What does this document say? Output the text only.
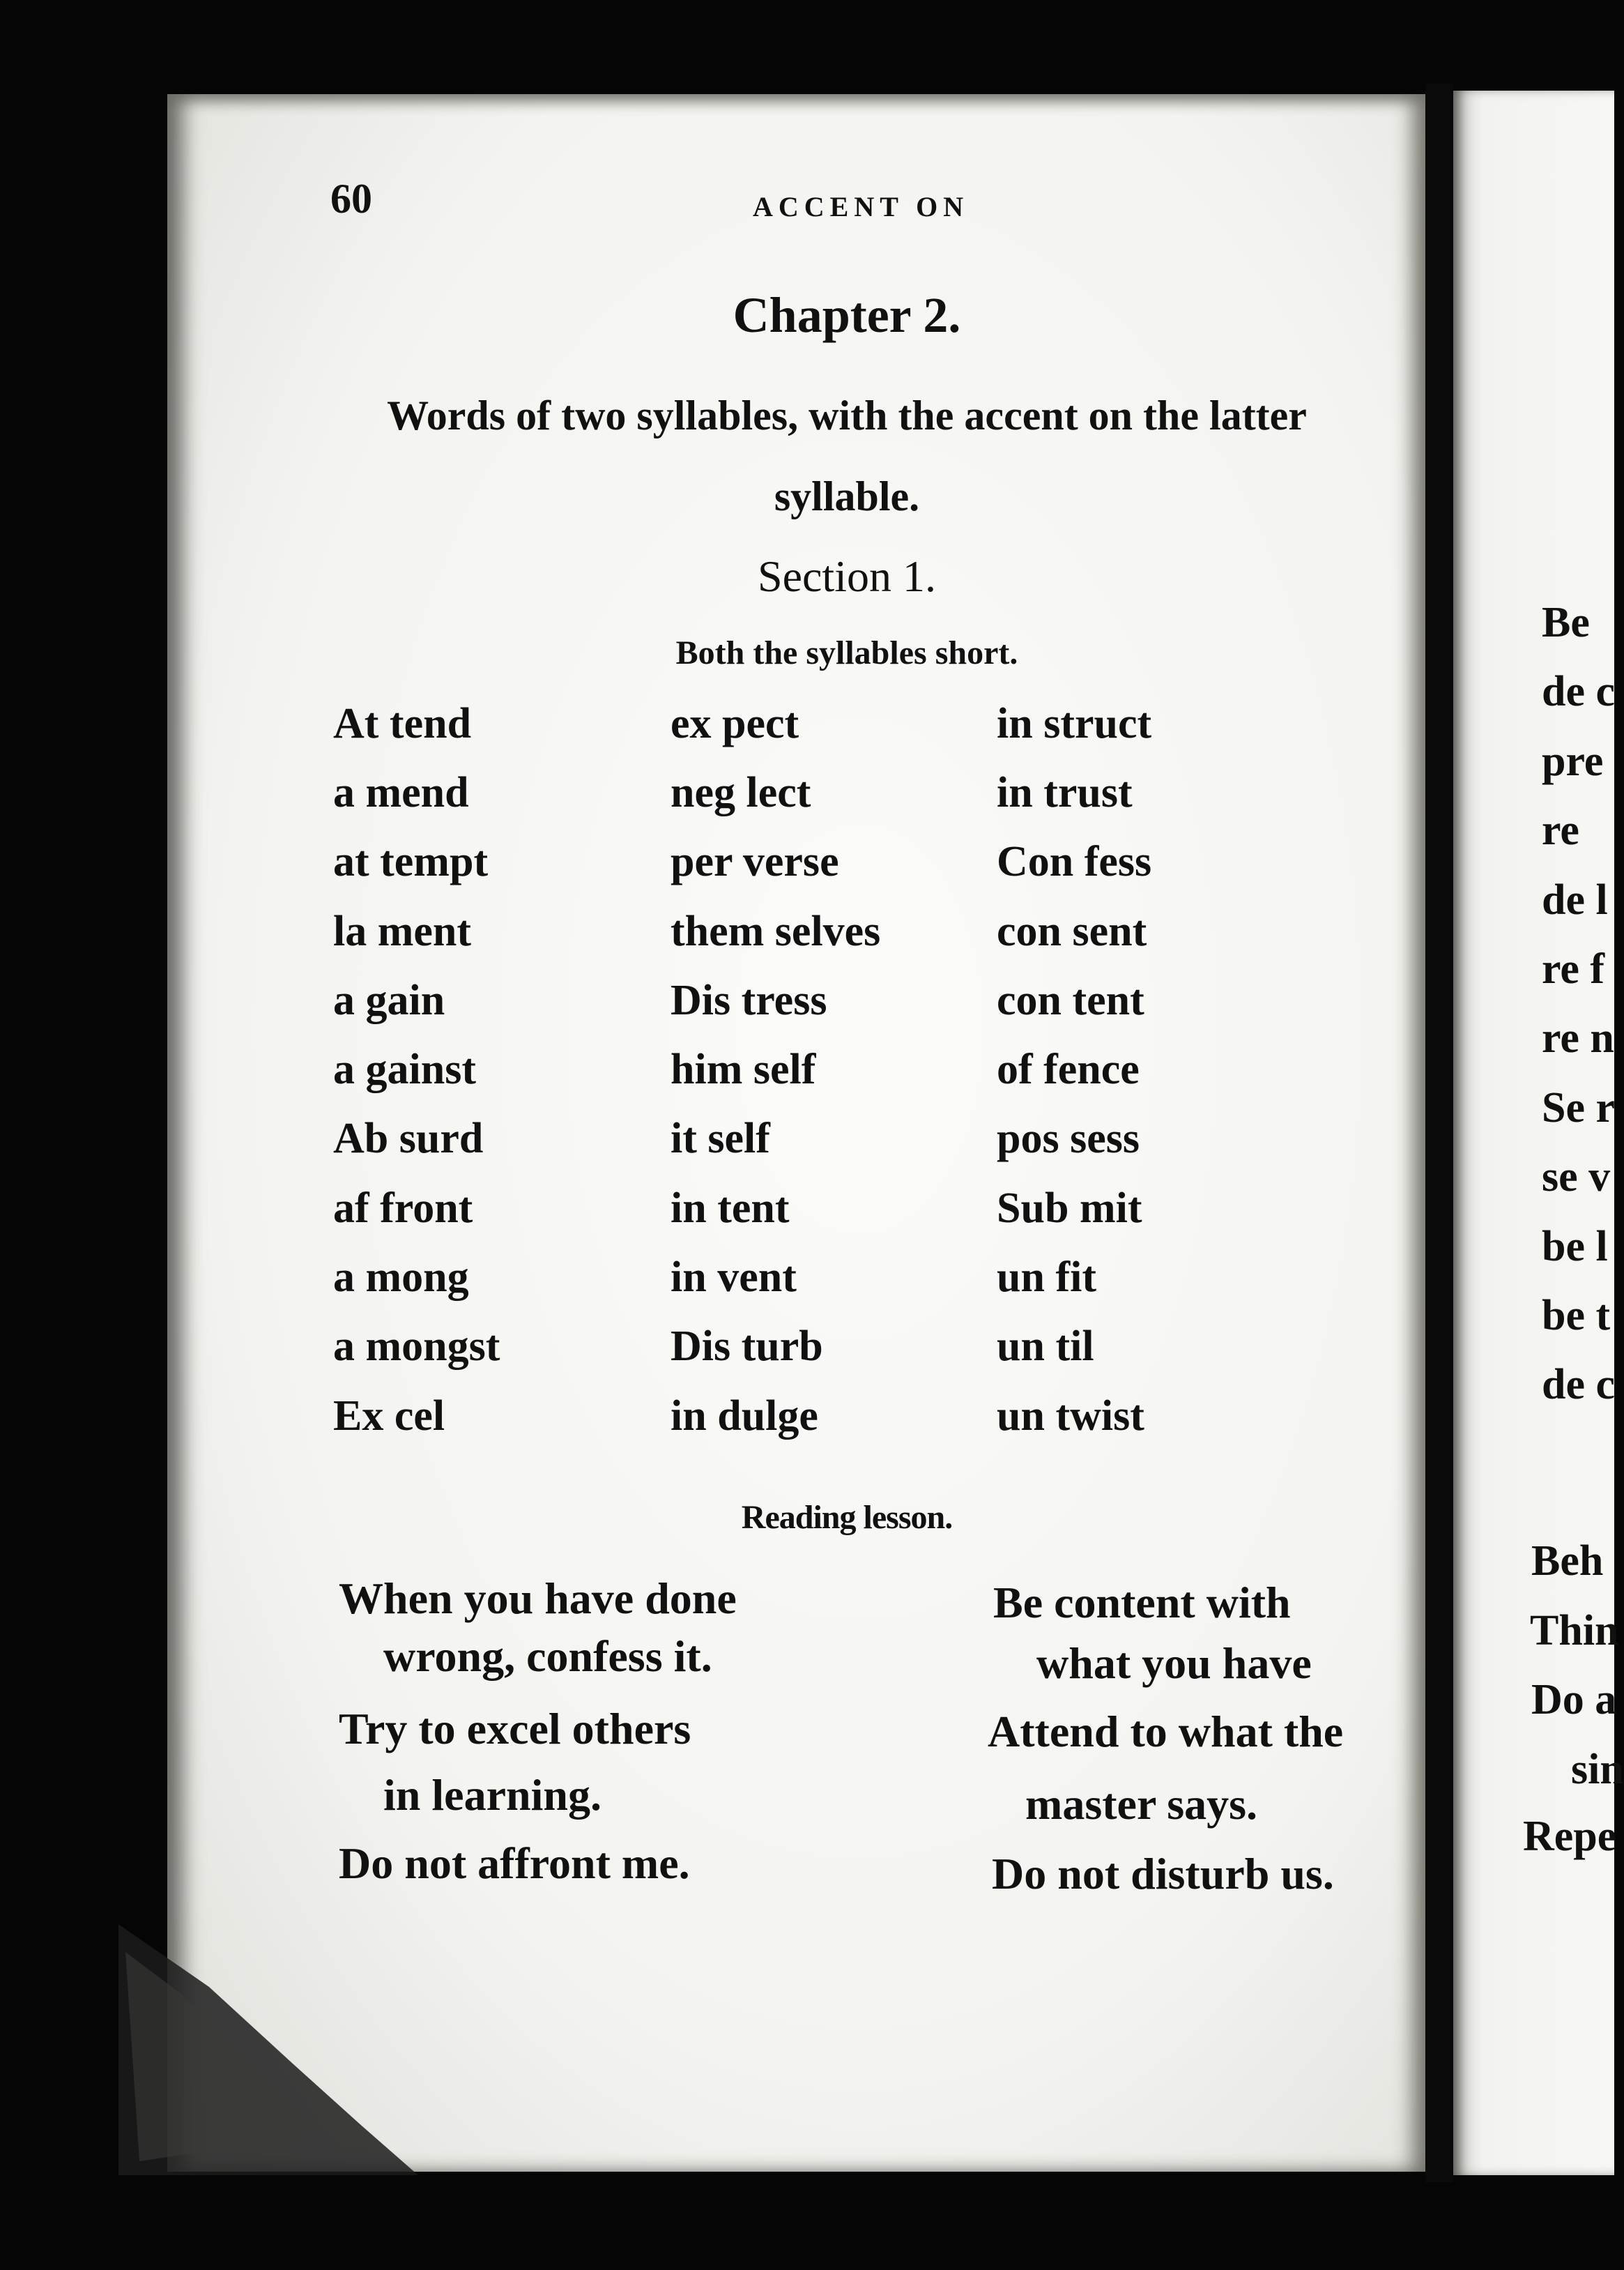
60	ACCENT ON
Chapter 2.
Words of two syllables, with the accent on the latter
syllable.
Section 1.
Both the syllables short.
At tend	ex pect	in struct
a mend	neg lect	in trust
at tempt	per verse	Con fess
la ment	them selves	con sent
a gain	Dis tress	con tent
a gainst	him self	of fence
Ab surd	it self	pos sess
af front	in tent	Sub mit
a mong	in vent	un fit
a mongst	Dis turb	un til
Ex cel	in dulge	un twist
Reading lesson.
When you have done
wrong, confess it.
Try to excel others
in learning.
Do not affront me.
Be content with
what you have
Attend to what the
master says.
Do not disturb us.
Be
de c
pre
re
de l
re f
re n
Se r
se v
be l
be t
de c
Beh
Thin
Do a
sin
Repe
